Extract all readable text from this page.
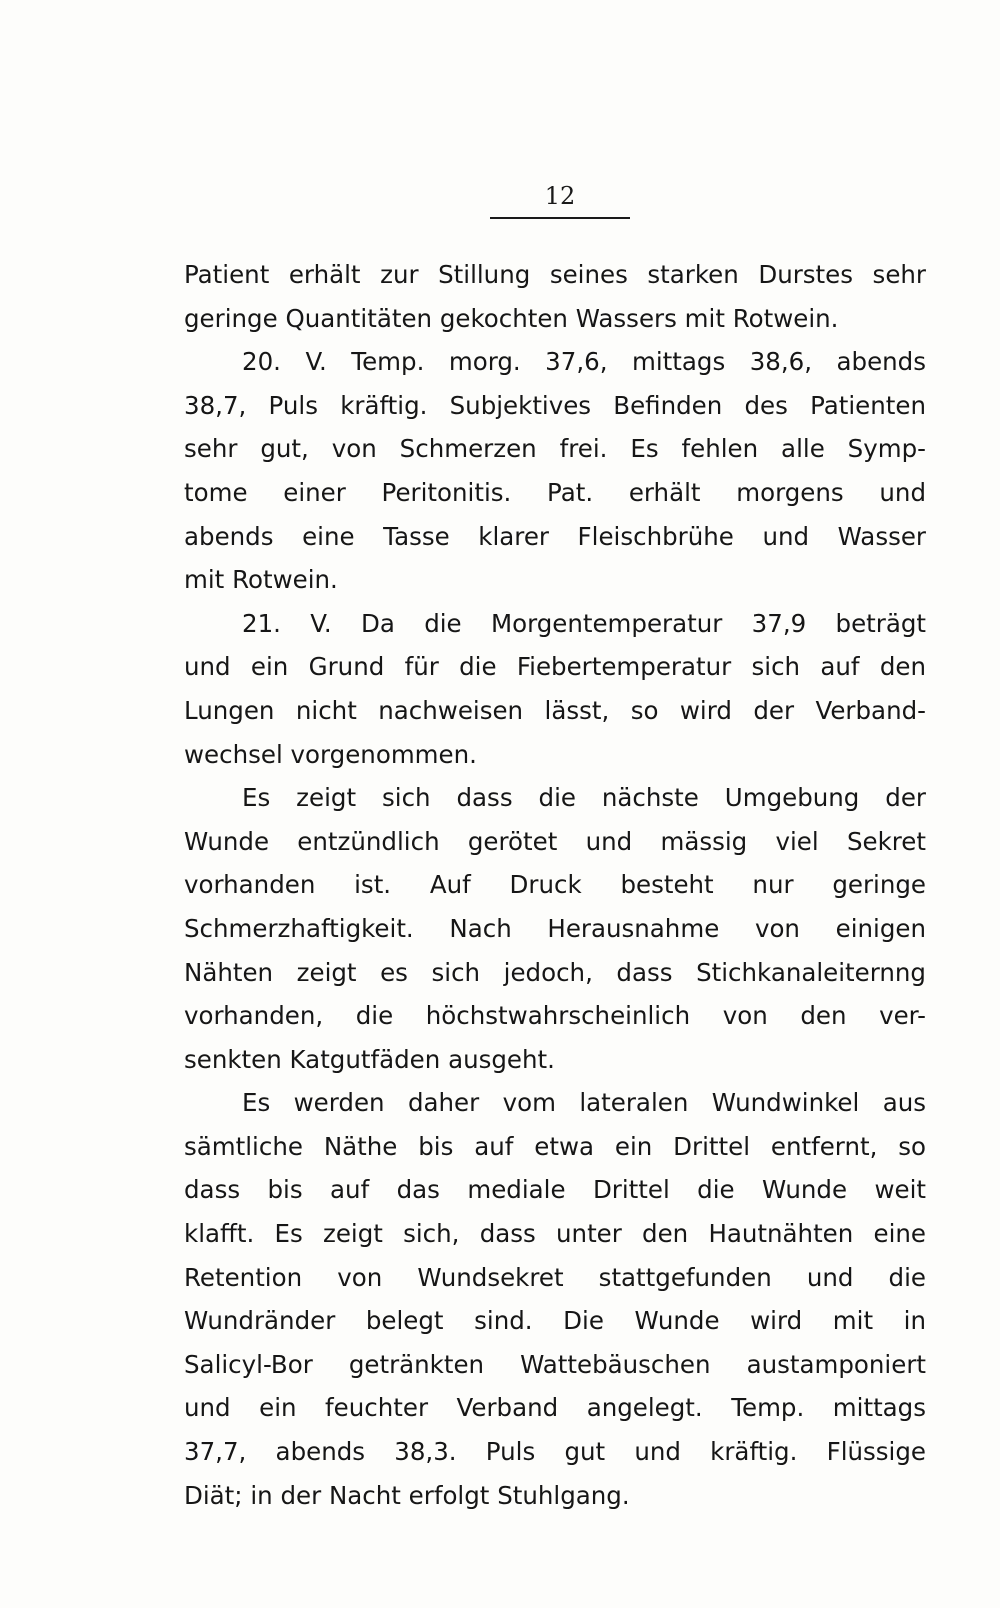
12
Patient erhält zur Stillung seines starken Durstes sehr
geringe Quantitäten gekochten Wassers mit Rotwein.
20. V. Temp. morg. 37,6, mittags 38,6, abends
38,7, Puls kräftig. Subjektives Befinden des Patienten
sehr gut, von Schmerzen frei. Es fehlen alle Symp-
tome einer Peritonitis. Pat. erhält morgens und
abends eine Tasse klarer Fleischbrühe und Wasser
mit Rotwein.
21. V. Da die Morgentemperatur 37,9 beträgt
und ein Grund für die Fiebertemperatur sich auf den
Lungen nicht nachweisen lässt, so wird der Verband-
wechsel vorgenommen.
Es zeigt sich dass die nächste Umgebung der
Wunde entzündlich gerötet und mässig viel Sekret
vorhanden ist. Auf Druck besteht nur geringe
Schmerzhaftigkeit. Nach Herausnahme von einigen
Nähten zeigt es sich jedoch, dass Stichkanaleiternng
vorhanden, die höchstwahrscheinlich von den ver-
senkten Katgutfäden ausgeht.
Es werden daher vom lateralen Wundwinkel aus
sämtliche Näthe bis auf etwa ein Drittel entfernt, so
dass bis auf das mediale Drittel die Wunde weit
klafft. Es zeigt sich, dass unter den Hautnähten eine
Retention von Wundsekret stattgefunden und die
Wundränder belegt sind. Die Wunde wird mit in
Salicyl-Bor getränkten Wattebäuschen austamponiert
und ein feuchter Verband angelegt. Temp. mittags
37,7, abends 38,3. Puls gut und kräftig. Flüssige
Diät; in der Nacht erfolgt Stuhlgang.
